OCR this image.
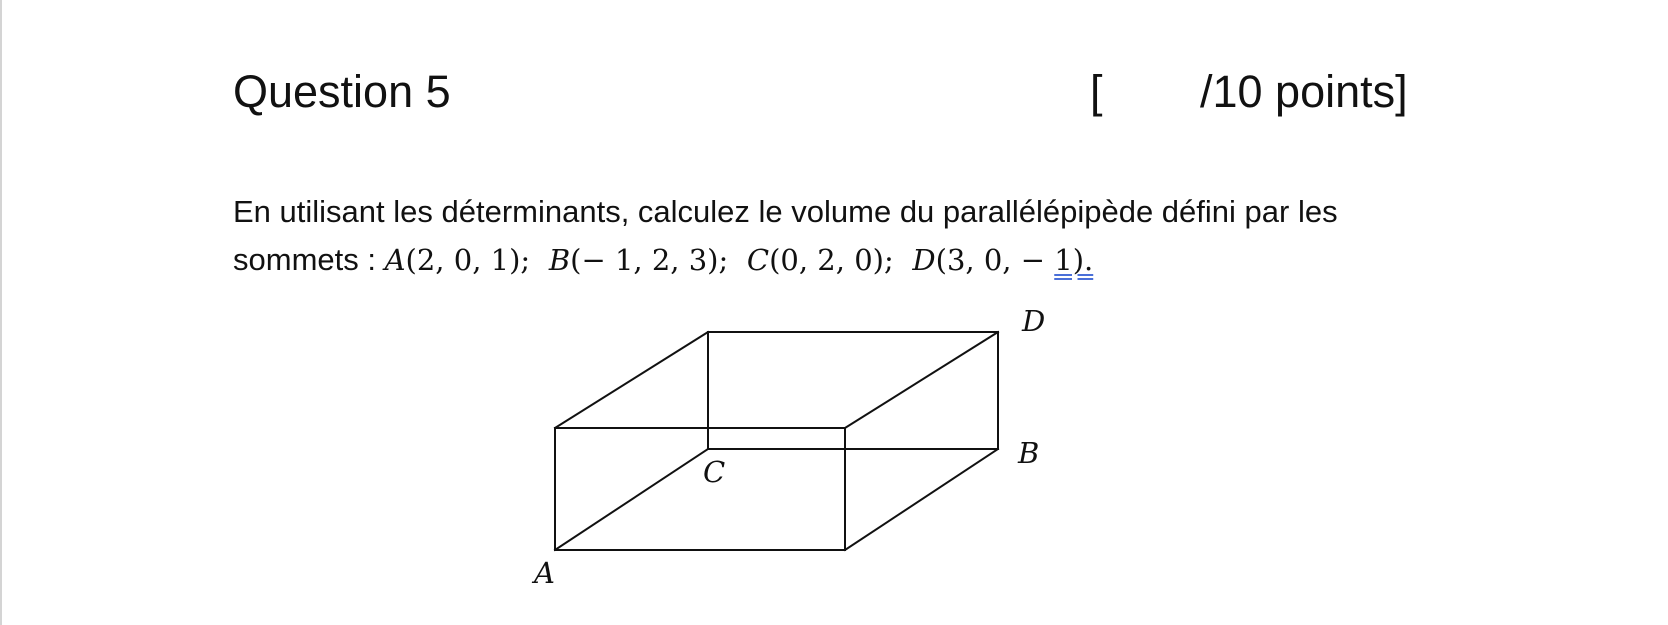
Question 5	[ /10 points]
En utilisant les déterminants, calculez le volume du parallélépipède défini par les
sommets : A(2, 0, 1); B(− 1, 2, 3); C(0, 2, 0); D(3, 0, − 1).
D
B
C
A
